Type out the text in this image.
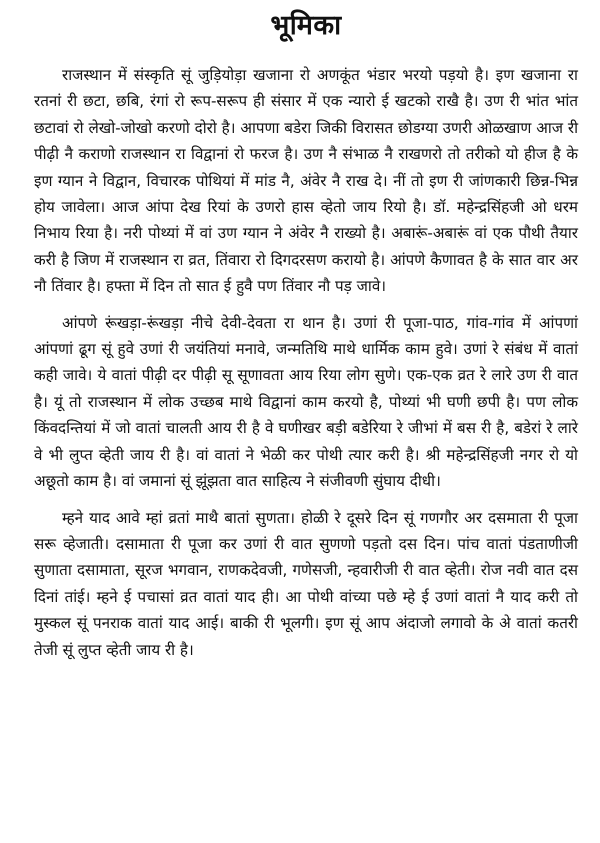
भूमिका

राजस्थान में संस्कृति सूं जुड़ियोड़ा खजाना रो अणकूंत भंडार भरयो पड़यो है। इण खजाना रा रतनां री छटा, छबि, रंगां रो रूप-सरूप ही संसार में एक न्यारो ई खटको राखै है। उण री भांत भांत छटावां रो लेखो-जोखो करणो दोरो है। आपणा बडेरा जिकी विरासत छोडग्या उणरी ओळखाण आज री पीढ़ी नै कराणो राजस्थान रा विद्वानां रो फरज है। उण नै संभाळ नै राखणरो तो तरीको यो हीज है के इण ग्यान ने विद्वान, विचारक पोथियां में मांड नै, अंवेर नै राख दे। नीं तो इण री जांणकारी छिन्न-भिन्न होय जावेला। आज आंपा देख रियां के उणरो हास व्हेतो जाय रियो है। डॉ. महेन्द्रसिंहजी ओ धरम निभाय रिया है। नरी पोथ्यां में वां उण ग्यान ने अंवेर नै राख्यो है। अबारूं-अबारूं वां एक पौथी तैयार करी है जिण में राजस्थान रा व्रत, तिंवारा रो दिगदरसण करायो है। आंपणे कैणावत है के सात वार अर नौ तिंवार है। हफ्ता में दिन तो सात ई हुवै पण तिंवार नौ पड़ जावे।

आंपणे रूंखड़ा-रूंखड़ा नीचे देवी-देवता रा थान है। उणां री पूजा-पाठ, गांव-गांव में आंपणां आंपणां ढूग सूं हुवे उणां री जयंतियां मनावे, जन्मतिथि माथे धार्मिक काम हुवे। उणां रे संबंध में वातां कही जावे। ये वातां पीढ़ी दर पीढ़ी सू सूणावता आय रिया लोग सुणे। एक-एक व्रत रे लारे उण री वात है। यूं तो राजस्थान में लोक उच्छब माथे विद्वानां काम करयो है, पोथ्यां भी घणी छपी है। पण लोक किंवदन्तियां में जो वातां चालती आय री है वे घणीखर बड़ी बडेरिया रे जीभां में बस री है, बडेरां रे लारे वे भी लुप्त व्हेती जाय री है। वां वातां ने भेळी कर पोथी त्यार करी है। श्री महेन्द्रसिंहजी नगर रो यो अछूतो काम है। वां जमानां सूं झूंझता वात साहित्य ने संजीवणी सुंघाय दीधी।

म्हने याद आवे म्हां व्रतां माथै बातां सुणता। होळी रे दूसरे दिन सूं गणगौर अर दसमाता री पूजा सरू व्हेजाती। दसामाता री पूजा कर उणां री वात सुणणो पड़तो दस दिन। पांच वातां पंडताणीजी सुणाता दसामाता, सूरज भगवान, राणकदेवजी, गणेसजी, न्हवारीजी री वात व्हेती। रोज नवी वात दस दिनां तांई। म्हने ई पचासां व्रत वातां याद ही। आ पोथी वांच्या पछे म्हे ई उणां वातां नै याद करी तो मुस्कल सूं पनराक वातां याद आई। बाकी री भूलगी। इण सूं आप अंदाजो लगावो के अे वातां कतरी तेजी सूं लुप्त व्हेती जाय री है।
